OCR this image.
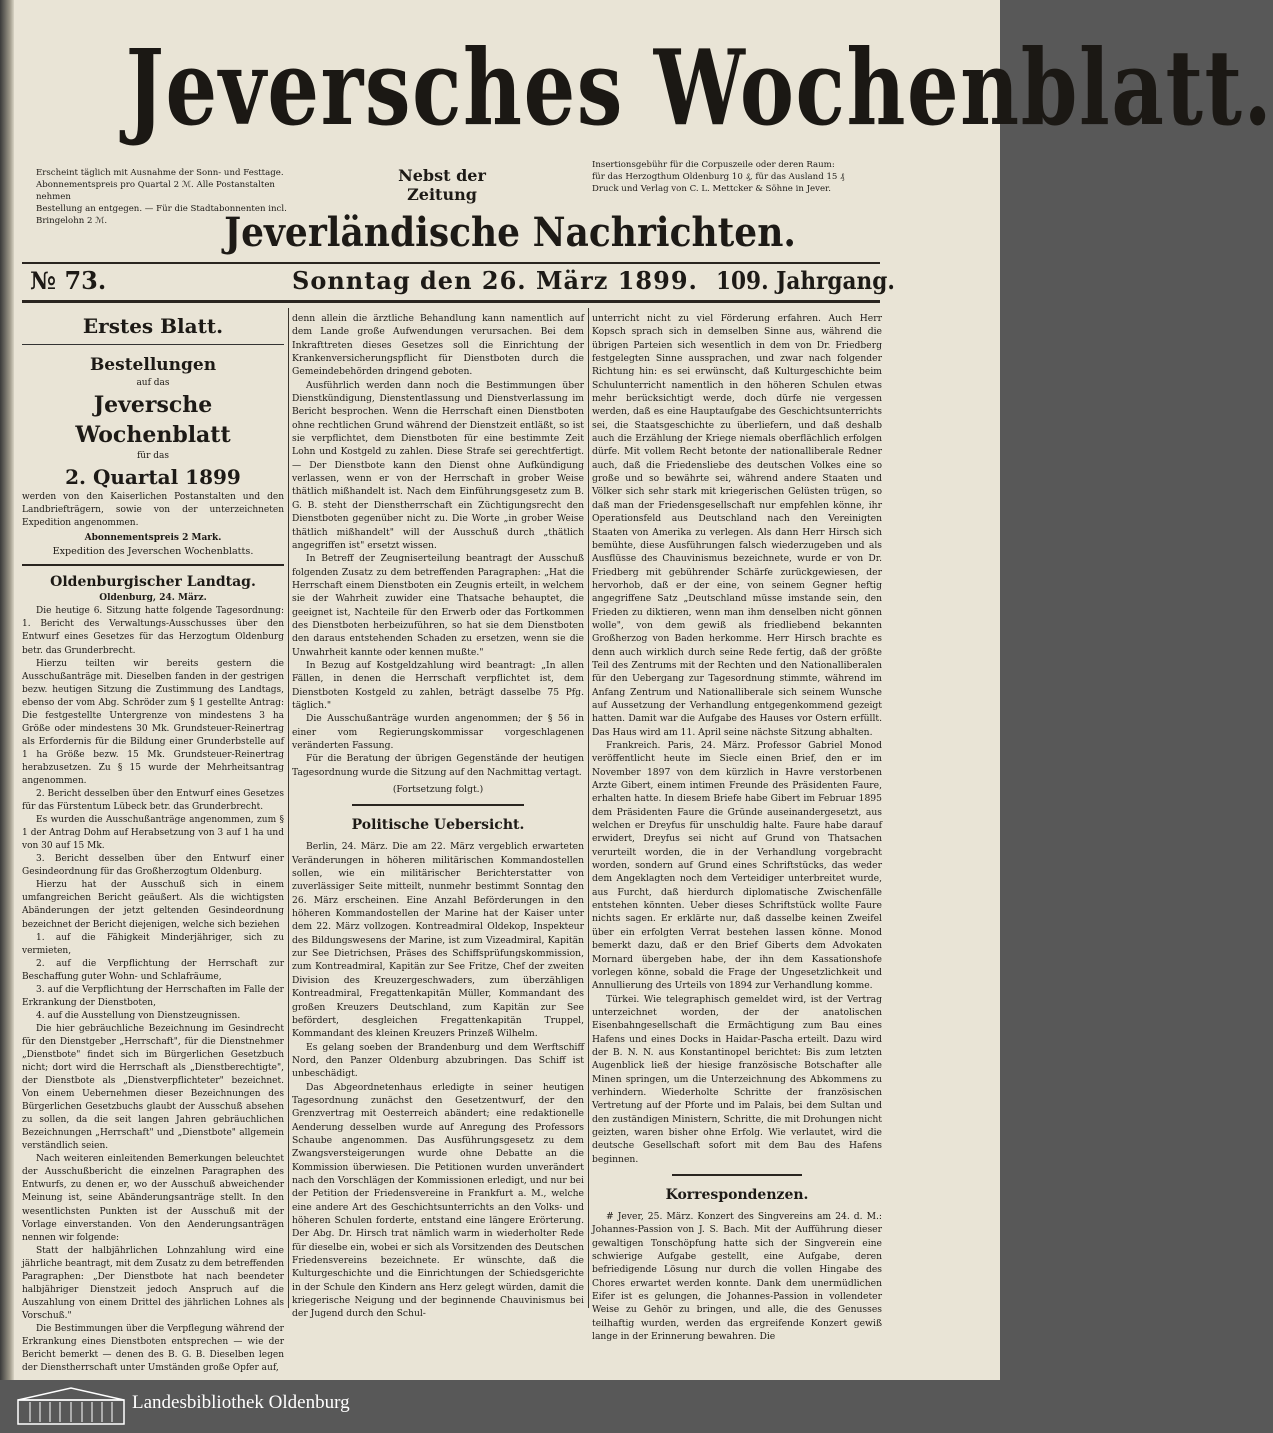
Jeversches Wochenblatt.
Erscheint täglich mit Ausnahme der Sonn- und Festtage.
Abonnementspreis pro Quartal 2 ℳ. Alle Postanstalten nehmen
Bestellung an entgegen. — Für die Stadtabonnenten incl. Bringelohn 2 ℳ.
Nebst der Zeitung
Insertionsgebühr für die Corpuszeile oder deren Raum:
für das Herzogthum Oldenburg 10 ₰, für das Ausland 15 ₰
Druck und Verlag von C. L. Mettcker & Söhne in Jever.
Jeverländische Nachrichten.
№ 73.	Sonntag den 26. März 1899. 109. Jahrgang.
Erstes Blatt.
Bestellungen
auf das
Jeversche Wochenblatt
für das
2. Quartal 1899

werden von den Kaiserlichen Postanstalten und den Landbriefträgern, sowie von der unterzeichneten Expedition angenommen.

Abonnementspreis 2 Mark.
Expedition des Jeverschen Wochenblatts.
Oldenburgischer Landtag.
Oldenburg, 24. März.

Die heutige 6. Sitzung hatte folgende Tagesordnung: 1. Bericht des Verwaltungs-Ausschusses über den Entwurf eines Gesetzes für das Herzogtum Oldenburg betr. das Grunderbrecht.

Hierzu teilten wir bereits gestern die Ausschußanträge mit. Dieselben fanden in der gestrigen bezw. heutigen Sitzung die Zustimmung des Landtags, ebenso der vom Abg. Schröder zum § 1 gestellte Antrag: Die festgestellte Untergrenze von mindestens 3 ha Größe oder mindestens 30 Mk. Grundsteuer-Reinertrag als Erfordernis für die Bildung einer Grunderbstelle auf 1 ha Größe bezw. 15 Mk. Grundsteuer-Reinertrag herabzusetzen. Zu § 15 wurde der Mehrheitsantrag angenommen.

2. Bericht desselben über den Entwurf eines Gesetzes für das Fürstentum Lübeck betr. das Grunderbrecht.

Es wurden die Ausschußanträge angenommen, zum § 1 der Antrag Dohm auf Herabsetzung von 3 auf 1 ha und von 30 auf 15 Mk.

3. Bericht desselben über den Entwurf einer Gesindeordnung für das Großherzogtum Oldenburg.

Hierzu hat der Ausschuß sich in einem umfangreichen Bericht geäußert. Als die wichtigsten Abänderungen der jetzt geltenden Gesindeordnung bezeichnet der Bericht diejenigen, welche sich beziehen

1. auf die Fähigkeit Minderjähriger, sich zu vermieten,

2. auf die Verpflichtung der Herrschaft zur Beschaffung guter Wohn- und Schlafräume,

3. auf die Verpflichtung der Herrschaften im Falle der Erkrankung der Dienstboten,

4. auf die Ausstellung von Dienstzeugnissen.

Die hier gebräuchliche Bezeichnung im Gesindrecht für den Dienstgeber „Herrschaft", für die Dienstnehmer „Dienstbote" findet sich im Bürgerlichen Gesetzbuch nicht; dort wird die Herrschaft als „Dienstberechtigte", der Dienstbote als „Dienstverpflichteter" bezeichnet. Von einem Uebernehmen dieser Bezeichnungen des Bürgerlichen Gesetzbuchs glaubt der Ausschuß absehen zu sollen, da die seit langen Jahren gebräuchlichen Bezeichnungen „Herrschaft" und „Dienstbote" allgemein verständlich seien.

Nach weiteren einleitenden Bemerkungen beleuchtet der Ausschußbericht die einzelnen Paragraphen des Entwurfs, zu denen er, wo der Ausschuß abweichender Meinung ist, seine Abänderungsanträge stellt. In den wesentlichsten Punkten ist der Ausschuß mit der Vorlage einverstanden. Von den Aenderungsanträgen nennen wir folgende:

Statt der halbjährlichen Lohnzahlung wird eine jährliche beantragt, mit dem Zusatz zu dem betreffenden Paragraphen: „Der Dienstbote hat nach beendeter halbjähriger Dienstzeit jedoch Anspruch auf die Auszahlung von einem Drittel des jährlichen Lohnes als Vorschuß."

Die Bestimmungen über die Verpflegung während der Erkrankung eines Dienstboten entsprechen — wie der Bericht bemerkt — denen des B. G. B. Dieselben legen der Dienstherrschaft unter Umständen große Opfer auf,

denn allein die ärztliche Behandlung kann namentlich auf dem Lande große Aufwendungen verursachen. Bei dem Inkrafttreten dieses Gesetzes soll die Einrichtung der Krankenversicherungspflicht für Dienstboten durch die Gemeindebehörden dringend geboten.

Ausführlich werden dann noch die Bestimmungen über Dienstkündigung, Dienstentlassung und Dienstverlassung im Bericht besprochen. Wenn die Herrschaft einen Dienstboten ohne rechtlichen Grund während der Dienstzeit entläßt, so ist sie verpflichtet, dem Dienstboten für eine bestimmte Zeit Lohn und Kostgeld zu zahlen. Diese Strafe sei gerechtfertigt. — Der Dienstbote kann den Dienst ohne Aufkündigung verlassen, wenn er von der Herrschaft in grober Weise thätlich mißhandelt ist. Nach dem Einführungsgesetz zum B. G. B. steht der Dienstherrschaft ein Züchtigungsrecht den Dienstboten gegenüber nicht zu. Die Worte „in grober Weise thätlich mißhandelt" will der Ausschuß durch „thätlich angegriffen ist" ersetzt wissen.

In Betreff der Zeugniserteilung beantragt der Ausschuß folgenden Zusatz zu dem betreffenden Paragraphen: „Hat die Herrschaft einem Dienstboten ein Zeugnis erteilt, in welchem sie der Wahrheit zuwider eine Thatsache behauptet, die geeignet ist, Nachteile für den Erwerb oder das Fortkommen des Dienstboten herbeizuführen, so hat sie dem Dienstboten den daraus entstehenden Schaden zu ersetzen, wenn sie die Unwahrheit kannte oder kennen mußte."

In Bezug auf Kostgeldzahlung wird beantragt: „In allen Fällen, in denen die Herrschaft verpflichtet ist, dem Dienstboten Kostgeld zu zahlen, beträgt dasselbe 75 Pfg. täglich."

Die Ausschußanträge wurden angenommen; der § 56 in einer vom Regierungskommissar vorgeschlagenen veränderten Fassung.

Für die Beratung der übrigen Gegenstände der heutigen Tagesordnung wurde die Sitzung auf den Nachmittag vertagt.

(Fortsetzung folgt.)
Politische Uebersicht.

Berlin, 24. März. Die am 22. März vergeblich erwarteten Veränderungen in höheren militärischen Kommandostellen sollen, wie ein militärischer Berichterstatter von zuverlässiger Seite mitteilt, nunmehr bestimmt Sonntag den 26. März erscheinen. Eine Anzahl Beförderungen in den höheren Kommandostellen der Marine hat der Kaiser unter dem 22. März vollzogen. Kontreadmiral Oldekop, Inspekteur des Bildungswesens der Marine, ist zum Vizeadmiral, Kapitän zur See Dietrichsen, Präses des Schiffsprüfungskommission, zum Kontreadmiral, Kapitän zur See Fritze, Chef der zweiten Division des Kreuzergeschwaders, zum überzähligen Kontreadmiral, Fregattenkapitän Müller, Kommandant des großen Kreuzers Deutschland, zum Kapitän zur See befördert, desgleichen Fregattenkapitän Truppel, Kommandant des kleinen Kreuzers Prinzeß Wilhelm.

Es gelang soeben der Brandenburg und dem Werftschiff Nord, den Panzer Oldenburg abzubringen. Das Schiff ist unbeschädigt.

Das Abgeordnetenhaus erledigte in seiner heutigen Tagesordnung zunächst den Gesetzentwurf, der den Grenzvertrag mit Oesterreich abändert; eine redaktionelle Aenderung desselben wurde auf Anregung des Professors Schaube angenommen. Das Ausführungsgesetz zu dem Zwangsversteigerungen wurde ohne Debatte an die Kommission überwiesen. Die Petitionen wurden unverändert nach den Vorschlägen der Kommissionen erledigt, und nur bei der Petition der Friedensvereine in Frankfurt a. M., welche eine andere Art des Geschichtsunterrichts an den Volks- und höheren Schulen forderte, entstand eine längere Erörterung. Der Abg. Dr. Hirsch trat nämlich warm in wiederholter Rede für dieselbe ein, wobei er sich als Vorsitzenden des Deutschen Friedensvereins bezeichnete. Er wünschte, daß die Kulturgeschichte und die Einrichtungen der Schiedsgerichte in der Schule den Kindern ans Herz gelegt würden, damit die kriegerische Neigung und der beginnende Chauvinismus bei der Jugend durch den Schul-

unterricht nicht zu viel Förderung erfahren. Auch Herr Kopsch sprach sich in demselben Sinne aus, während die übrigen Parteien sich wesentlich in dem von Dr. Friedberg festgelegten Sinne aussprachen, und zwar nach folgender Richtung hin: es sei erwünscht, daß Kulturgeschichte beim Schulunterricht namentlich in den höheren Schulen etwas mehr berücksichtigt werde, doch dürfe nie vergessen werden, daß es eine Hauptaufgabe des Geschichtsunterrichts sei, die Staatsgeschichte zu überliefern, und daß deshalb auch die Erzählung der Kriege niemals oberflächlich erfolgen dürfe. Mit vollem Recht betonte der nationalliberale Redner auch, daß die Friedensliebe des deutschen Volkes eine so große und so bewährte sei, während andere Staaten und Völker sich sehr stark mit kriegerischen Gelüsten trügen, so daß man der Friedensgesellschaft nur empfehlen könne, ihr Operationsfeld aus Deutschland nach den Vereinigten Staaten von Amerika zu verlegen. Als dann Herr Hirsch sich bemühte, diese Ausführungen falsch wiederzugeben und als Ausflüsse des Chauvinismus bezeichnete, wurde er von Dr. Friedberg mit gebührender Schärfe zurückgewiesen, der hervorhob, daß er der eine, von seinem Gegner heftig angegriffene Satz „Deutschland müsse imstande sein, den Frieden zu diktieren, wenn man ihm denselben nicht gönnen wolle", von dem gewiß als friedliebend bekannten Großherzog von Baden herkomme. Herr Hirsch brachte es denn auch wirklich durch seine Rede fertig, daß der größte Teil des Zentrums mit der Rechten und den Nationalliberalen für den Uebergang zur Tagesordnung stimmte, während im Anfang Zentrum und Nationalliberale sich seinem Wunsche auf Aussetzung der Verhandlung entgegenkommend gezeigt hatten. Damit war die Aufgabe des Hauses vor Ostern erfüllt. Das Haus wird am 11. April seine nächste Sitzung abhalten.

Frankreich. Paris, 24. März. Professor Gabriel Monod veröffentlicht heute im Siecle einen Brief, den er im November 1897 von dem kürzlich in Havre verstorbenen Arzte Gibert, einem intimen Freunde des Präsidenten Faure, erhalten hatte. In diesem Briefe habe Gibert im Februar 1895 dem Präsidenten Faure die Gründe auseinandergesetzt, aus welchen er Dreyfus für unschuldig halte. Faure habe darauf erwidert, Dreyfus sei nicht auf Grund von Thatsachen verurteilt worden, die in der Verhandlung vorgebracht worden, sondern auf Grund eines Schriftstücks, das weder dem Angeklagten noch dem Verteidiger unterbreitet wurde, aus Furcht, daß hierdurch diplomatische Zwischenfälle entstehen könnten. Ueber dieses Schriftstück wollte Faure nichts sagen. Er erklärte nur, daß dasselbe keinen Zweifel über ein erfolgten Verrat bestehen lassen könne. Monod bemerkt dazu, daß er den Brief Giberts dem Advokaten Mornard übergeben habe, der ihn dem Kassationshofe vorlegen könne, sobald die Frage der Ungesetzlichkeit und Annullierung des Urteils von 1894 zur Verhandlung komme.

Türkei. Wie telegraphisch gemeldet wird, ist der Vertrag unterzeichnet worden, der der anatolischen Eisenbahngesellschaft die Ermächtigung zum Bau eines Hafens und eines Docks in Haidar-Pascha erteilt. Dazu wird der B. N. N. aus Konstantinopel berichtet: Bis zum letzten Augenblick ließ der hiesige französische Botschafter alle Minen springen, um die Unterzeichnung des Abkommens zu verhindern. Wiederholte Schritte der französischen Vertretung auf der Pforte und im Palais, bei dem Sultan und den zuständigen Ministern, Schritte, die mit Drohungen nicht geizten, waren bisher ohne Erfolg. Wie verlautet, wird die deutsche Gesellschaft sofort mit dem Bau des Hafens beginnen.

Korrespondenzen.

# Jever, 25. März. Konzert des Singvereins am 24. d. M.: Johannes-Passion von J. S. Bach. Mit der Aufführung dieser gewaltigen Tonschöpfung hatte sich der Singverein eine schwierige Aufgabe gestellt, eine Aufgabe, deren befriedigende Lösung nur durch die vollen Hingabe des Chores erwartet werden konnte. Dank dem unermüdlichen Eifer ist es gelungen, die Johannes-Passion in vollendeter Weise zu Gehör zu bringen, und alle, die des Genusses teilhaftig wurden, werden das ergreifende Konzert gewiß lange in der Erinnerung bewahren. Die

Landesbibliothek Oldenburg
